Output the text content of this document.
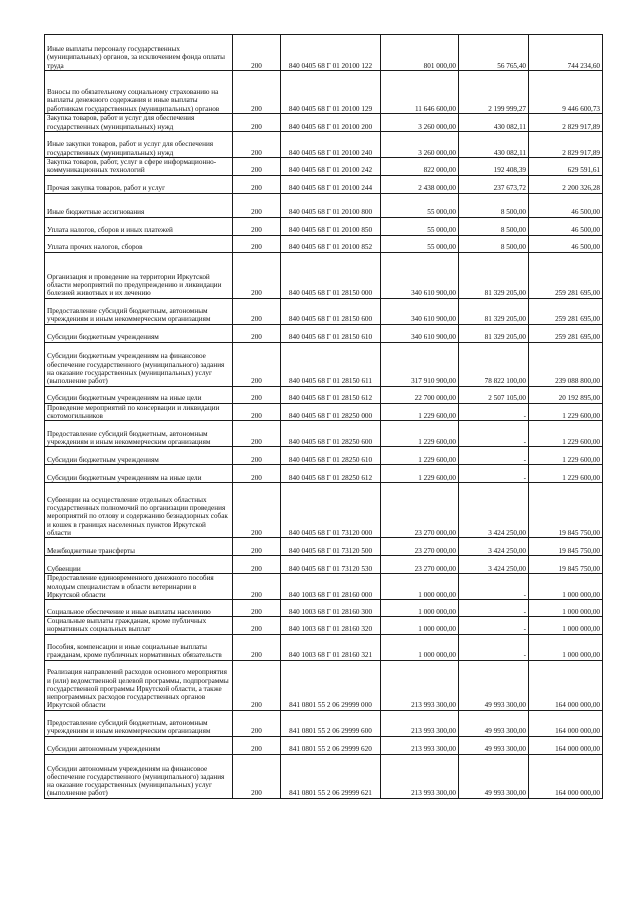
Иные выплаты персоналу государственных (муниципальных) органов, за исключением фонда оплаты труда	200	840 0405 68 Г 01 20100 122	801 000,00	56 765,40	744 234,60
Взносы по обязательному социальному страхованию на выплаты денежного содержания и иные выплаты работникам государственных (муниципальных) органов	200	840 0405 68 Г 01 20100 129	11 646 600,00	2 199 999,27	9 446 600,73
Закупка товаров, работ и услуг для обеспечения государственных (муниципальных) нужд	200	840 0405 68 Г 01 20100 200	3 260 000,00	430 082,11	2 829 917,89
Иные закупки товаров, работ и услуг для обеспечения государственных (муниципальных) нужд	200	840 0405 68 Г 01 20100 240	3 260 000,00	430 082,11	2 829 917,89
Закупка товаров, работ, услуг в сфере информационно-коммуникационных технологий	200	840 0405 68 Г 01 20100 242	822 000,00	192 408,39	629 591,61
Прочая закупка товаров, работ и услуг	200	840 0405 68 Г 01 20100 244	2 438 000,00	237 673,72	2 200 326,28
Иные бюджетные ассигнования	200	840 0405 68 Г 01 20100 800	55 000,00	8 500,00	46 500,00
Уплата налогов, сборов и иных платежей	200	840 0405 68 Г 01 20100 850	55 000,00	8 500,00	46 500,00
Уплата прочих налогов, сборов	200	840 0405 68 Г 01 20100 852	55 000,00	8 500,00	46 500,00
Организация и проведение на территории Иркутской области мероприятий по предупреждению и ликвидации болезней животных и их лечению	200	840 0405 68 Г 01 28150 000	340 610 900,00	81 329 205,00	259 281 695,00
Предоставление субсидий бюджетным, автономным учреждениям и иным некоммерческим организациям	200	840 0405 68 Г 01 28150 600	340 610 900,00	81 329 205,00	259 281 695,00
Субсидии бюджетным учреждениям	200	840 0405 68 Г 01 28150 610	340 610 900,00	81 329 205,00	259 281 695,00
Субсидии бюджетным учреждениям на финансовое обеспечение государственного (муниципального) задания на оказание государственных (муниципальных) услуг (выполнение работ)	200	840 0405 68 Г 01 28150 611	317 910 900,00	78 822 100,00	239 088 800,00
Субсидии бюджетным учреждениям на иные цели	200	840 0405 68 Г 01 28150 612	22 700 000,00	2 507 105,00	20 192 895,00
Проведение мероприятий по консервации и ликвидации скотомогильников	200	840 0405 68 Г 01 28250 000	1 229 600,00	-	1 229 600,00
Предоставление субсидий бюджетным, автономным учреждениям и иным некоммерческим организациям	200	840 0405 68 Г 01 28250 600	1 229 600,00	-	1 229 600,00
Субсидии бюджетным учреждениям	200	840 0405 68 Г 01 28250 610	1 229 600,00	-	1 229 600,00
Субсидии бюджетным учреждениям на иные цели	200	840 0405 68 Г 01 28250 612	1 229 600,00	-	1 229 600,00
Субвенции на осуществление отдельных областных государственных полномочий по организации проведения мероприятий по отлову и содержанию безнадзорных собак и кошек в границах населенных пунктов Иркутской области	200	840 0405 68 Г 01 73120 000	23 270 000,00	3 424 250,00	19 845 750,00
Межбюджетные трансферты	200	840 0405 68 Г 01 73120 500	23 270 000,00	3 424 250,00	19 845 750,00
Субвенции	200	840 0405 68 Г 01 73120 530	23 270 000,00	3 424 250,00	19 845 750,00
Предоставление единовременного денежного пособия молодым специалистам в области ветеринарии в Иркутской области	200	840 1003 68 Г 01 28160 000	1 000 000,00	-	1 000 000,00
Социальное обеспечение и иные выплаты населению	200	840 1003 68 Г 01 28160 300	1 000 000,00	-	1 000 000,00
Социальные выплаты гражданам, кроме публичных нормативных социальных выплат	200	840 1003 68 Г 01 28160 320	1 000 000,00	-	1 000 000,00
Пособия, компенсации и иные социальные выплаты гражданам, кроме публичных нормативных обязательств	200	840 1003 68 Г 01 28160 321	1 000 000,00	-	1 000 000,00
Реализация направлений расходов основного мероприятия и (или) ведомственной целевой программы, подпрограммы государственной программы Иркутской области, а также непрограммных расходов государственных органов Иркутской области	200	841 0801 55 2 06 29999 000	213 993 300,00	49 993 300,00	164 000 000,00
Предоставление субсидий бюджетным, автономным учреждениям и иным некоммерческим организациям	200	841 0801 55 2 06 29999 600	213 993 300,00	49 993 300,00	164 000 000,00
Субсидии автономным учреждениям	200	841 0801 55 2 06 29999 620	213 993 300,00	49 993 300,00	164 000 000,00
Субсидии автономным учреждениям на финансовое обеспечение государственного (муниципального) задания на оказание государственных (муниципальных) услуг (выполнение работ)	200	841 0801 55 2 06 29999 621	213 993 300,00	49 993 300,00	164 000 000,00
